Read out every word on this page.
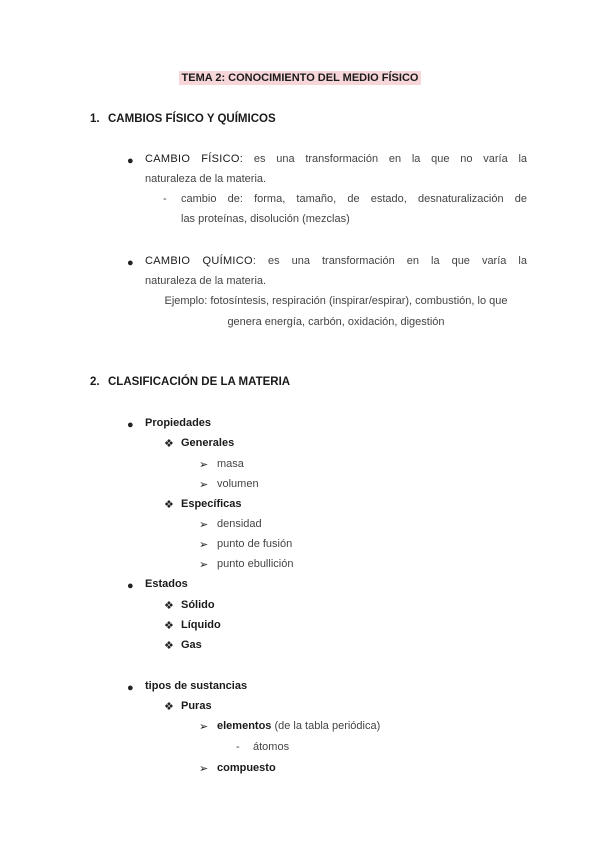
TEMA 2: CONOCIMIENTO DEL MEDIO FÍSICO
1. CAMBIOS FÍSICO Y QUÍMICOS
● CAMBIO FÍSICO: es una transformación en la que no varía la
naturaleza de la materia.
- cambio de: forma, tamaño, de estado, desnaturalización de
las proteínas, disolución (mezclas)
● CAMBIO QUÍMICO: es una transformación en la que varía la
naturaleza de la materia.
Ejemplo: fotosíntesis, respiración (inspirar/espirar), combustión, lo que
genera energía, carbón, oxidación, digestión
2. CLASIFICACIÓN DE LA MATERIA
● Propiedades
❖ Generales
➢ masa
➢ volumen
❖ Específicas
➢ densidad
➢ punto de fusión
➢ punto ebullición
● Estados
❖ Sólido
❖ Líquido
❖ Gas
● tipos de sustancias
❖ Puras
➢ elementos (de la tabla periódica)
- átomos
➢ compuesto
